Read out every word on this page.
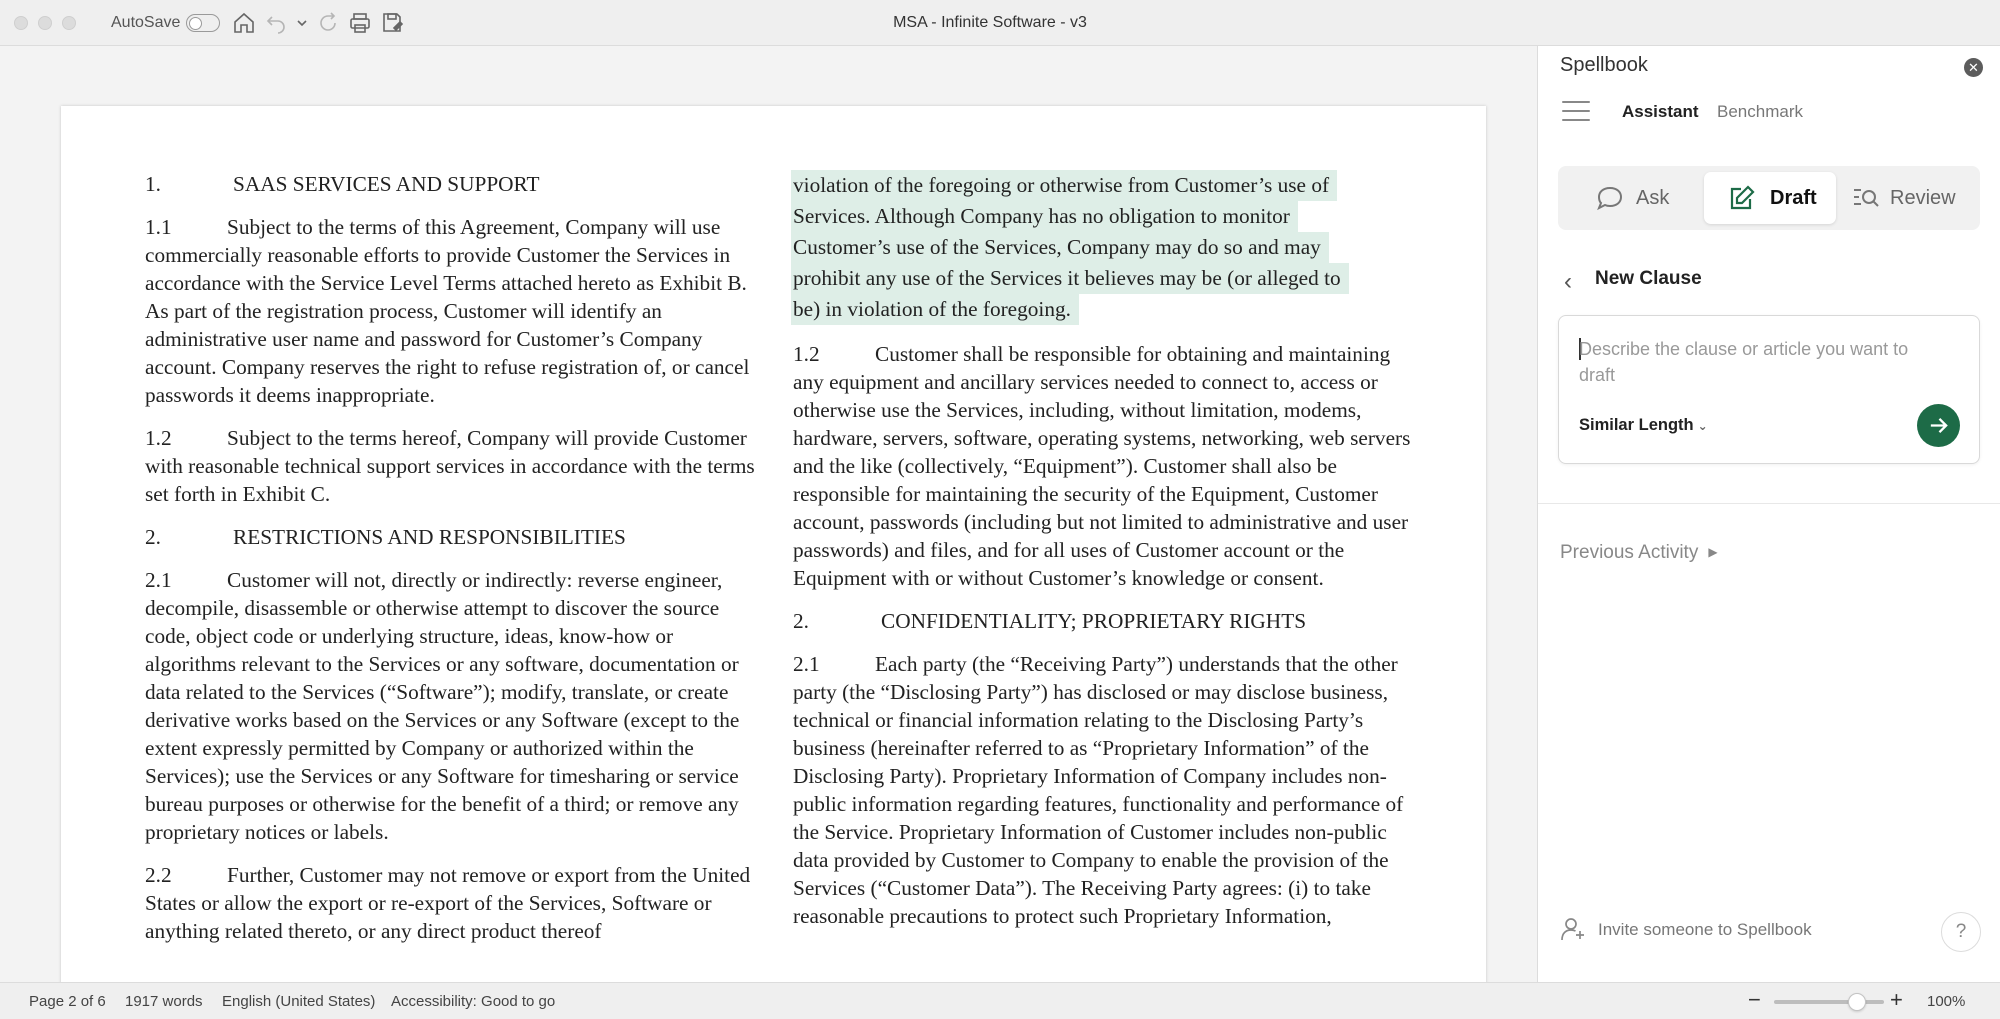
AutoSave	MSA - Infinite Software - v3
1.	SAAS SERVICES AND SUPPORT
1.1	Subject to the terms of this Agreement, Company will use commercially reasonable efforts to provide Customer the Services in accordance with the Service Level Terms attached hereto as Exhibit B. As part of the registration process, Customer will identify an administrative user name and password for Customer’s Company account. Company reserves the right to refuse registration of, or cancel passwords it deems inappropriate.
1.2	Subject to the terms hereof, Company will provide Customer with reasonable technical support services in accordance with the terms set forth in Exhibit C.
2.	RESTRICTIONS AND RESPONSIBILITIES
2.1	Customer will not, directly or indirectly: reverse engineer, decompile, disassemble or otherwise attempt to discover the source code, object code or underlying structure, ideas, know-how or algorithms relevant to the Services or any software, documentation or data related to the Services (“Software”); modify, translate, or create derivative works based on the Services or any Software (except to the extent expressly permitted by Company or authorized within the Services); use the Services or any Software for timesharing or service bureau purposes or otherwise for the benefit of a third; or remove any proprietary notices or labels.
2.2	Further, Customer may not remove or export from the United States or allow the export or re-export of the Services, Software or anything related thereto, or any direct product thereof
violation of the foregoing or otherwise from Customer’s use ofServices. Although Company has no obligation to monitorCustomer’s use of the Services, Company may do so and mayprohibit any use of the Services it believes may be (or alleged tobe) in violation of the foregoing.
1.2	Customer shall be responsible for obtaining and maintaining any equipment and ancillary services needed to connect to, access or otherwise use the Services, including, without limitation, modems, hardware, servers, software, operating systems, networking, web servers and the like (collectively, “Equipment”). Customer shall also be responsible for maintaining the security of the Equipment, Customer account, passwords (including but not limited to administrative and user passwords) and files, and for all uses of Customer account or the Equipment with or without Customer’s knowledge or consent.
2.	CONFIDENTIALITY; PROPRIETARY RIGHTS
2.1	Each party (the “Receiving Party”) understands that the other party (the “Disclosing Party”) has disclosed or may disclose business, technical or financial information relating to the Disclosing Party’s business (hereinafter referred to as “Proprietary Information” of the Disclosing Party). Proprietary Information of Company includes non-public information regarding features, functionality and performance of the Service. Proprietary Information of Customer includes non-public data provided by Customer to Company to enable the provision of the Services (“Customer Data”). The Receiving Party agrees: (i) to take reasonable precautions to protect such Proprietary Information,
Spellbook	✕
Assistant Benchmark
Ask	Draft	Review
‹ New Clause
Describe the clause or article you want to draft
Similar Length ⌄
Previous Activity ▶
Invite someone to Spellbook	?
Page 2 of 6 1917 words English (United States) Accessibility: Good to go	−	+ 100%
